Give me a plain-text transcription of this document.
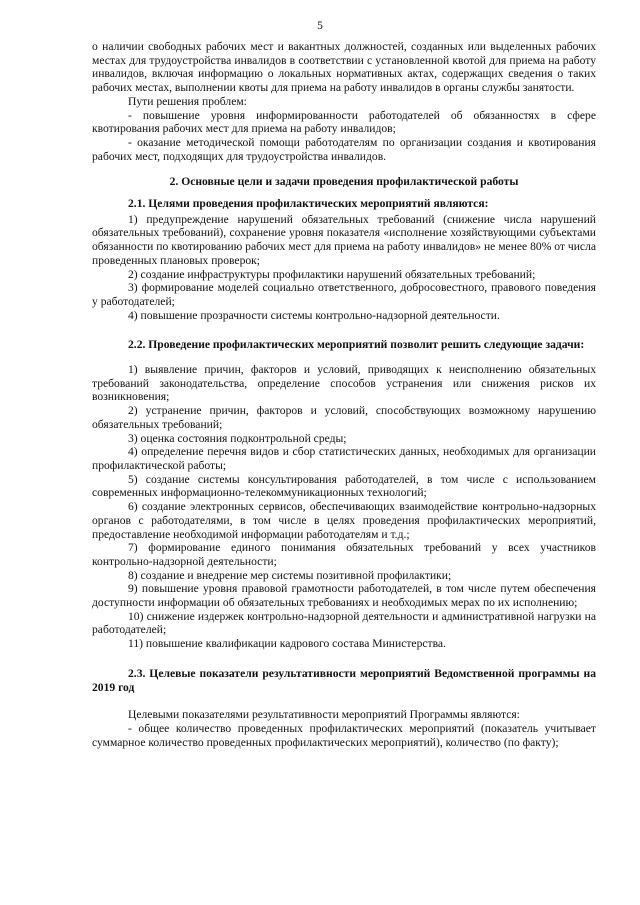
5

о наличии свободных рабочих мест и вакантных должностей, созданных или выделенных рабочих местах для трудоустройства инвалидов в соответствии с установленной квотой для приема на работу инвалидов, включая информацию о локальных нормативных актах, содержащих сведения о таких рабочих местах, выполнении квоты для приема на работу инвалидов в органы службы занятости.

Пути решения проблем:

- повышение уровня информированности работодателей об обязанностях в сфере квотирования рабочих мест для приема на работу инвалидов;

- оказание методической помощи работодателям по организации создания и квотирования рабочих мест, подходящих для трудоустройства инвалидов.

2. Основные цели и задачи проведения профилактической работы

2.1. Целями проведения профилактических мероприятий являются:

1) предупреждение нарушений обязательных требований (снижение числа нарушений обязательных требований), сохранение уровня показателя «исполнение хозяйствующими субъектами обязанности по квотированию рабочих мест для приема на работу инвалидов» не менее 80% от числа проведенных плановых проверок;

2) создание инфраструктуры профилактики нарушений обязательных требований;

3) формирование моделей социально ответственного, добросовестного, правового поведения у работодателей;

4) повышение прозрачности системы контрольно-надзорной деятельности.

2.2. Проведение профилактических мероприятий позволит решить следующие задачи:

1) выявление причин, факторов и условий, приводящих к неисполнению обязательных требований законодательства, определение способов устранения или снижения рисков их возникновения;

2) устранение причин, факторов и условий, способствующих возможному нарушению обязательных требований;

3) оценка состояния подконтрольной среды;

4) определение перечня видов и сбор статистических данных, необходимых для организации профилактической работы;

5) создание системы консультирования работодателей, в том числе с использованием современных информационно-телекоммуникационных технологий;

6) создание электронных сервисов, обеспечивающих взаимодействие контрольно-надзорных органов с работодателями, в том числе в целях проведения профилактических мероприятий, предоставление необходимой информации работодателям и т.д.;

7) формирование единого понимания обязательных требований у всех участников контрольно-надзорной деятельности;

8) создание и внедрение мер системы позитивной профилактики;

9) повышение уровня правовой грамотности работодателей, в том числе путем обеспечения доступности информации об обязательных требованиях и необходимых мерах по их исполнению;

10) снижение издержек контрольно-надзорной деятельности и административной нагрузки на работодателей;

11) повышение квалификации кадрового состава Министерства.

2.3. Целевые показатели результативности мероприятий Ведомственной программы на 2019 год

Целевыми показателями результативности мероприятий Программы являются:

- общее количество проведенных профилактических мероприятий (показатель учитывает суммарное количество проведенных профилактических мероприятий), количество (по факту);
